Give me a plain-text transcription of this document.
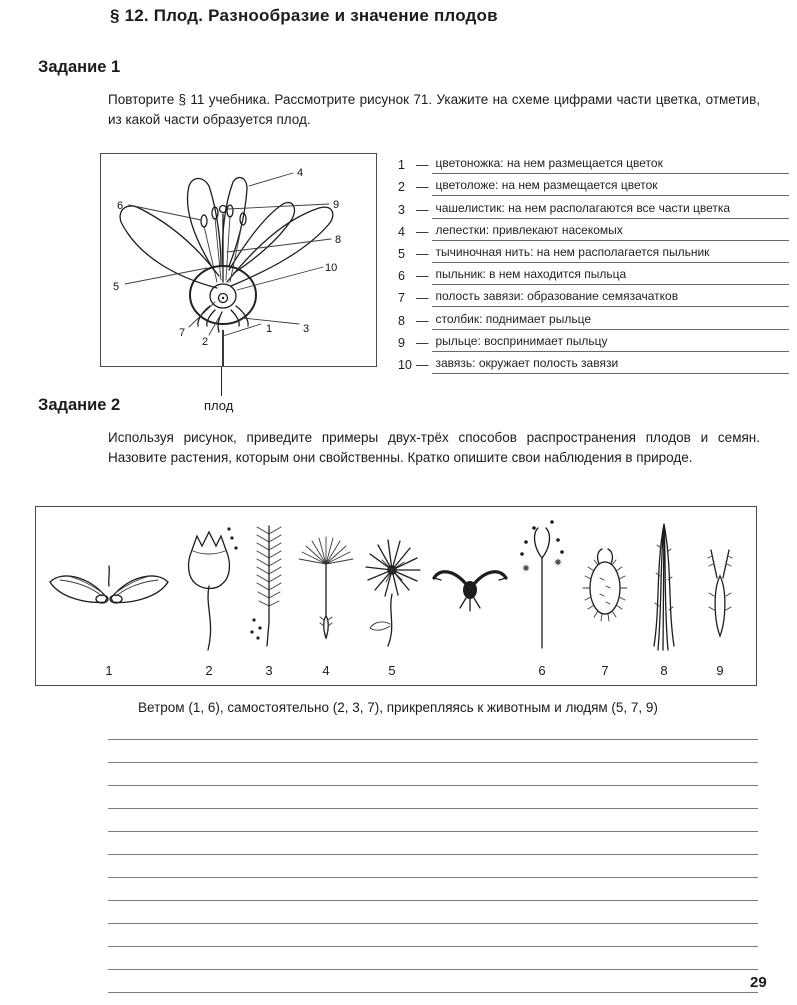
§ 12. Плод. Разнообразие и значение плодов
Задание 1

Повторите § 11 учебника. Рассмотрите рисунок 71. Укажите на схеме цифрами части цветка, отметив, из какой части образуется плод.

1
2
3
4
5
6
7
8
9
10
плод
1 — цветоножка: на нем размещается цветок
2 — цветоложе: на нем размещается цветок
3 — чашелистик: на нем располагаются все части цветка
4 — лепестки: привлекают насекомых
5 — тычиночная нить: на нем располагается пыльник
6 — пыльник: в нем находится пыльца
7 — полость завязи: образование семязачатков
8 — столбик: поднимает рыльце
9 — рыльце: воспринимает пыльцу
10 — завязь: окружает полость завязи
Задание 2

Используя рисунок, приведите примеры двух-трёх способов распространения плодов и семян. Назовите растения, которым они свойственны. Кратко опишите свои наблюдения в природе.

1	2	3	4	5	6	7	8	9
Ветром (1, 6), самостоятельно (2, 3, 7), прикрепляясь к животным и людям (5, 7, 9)
29
